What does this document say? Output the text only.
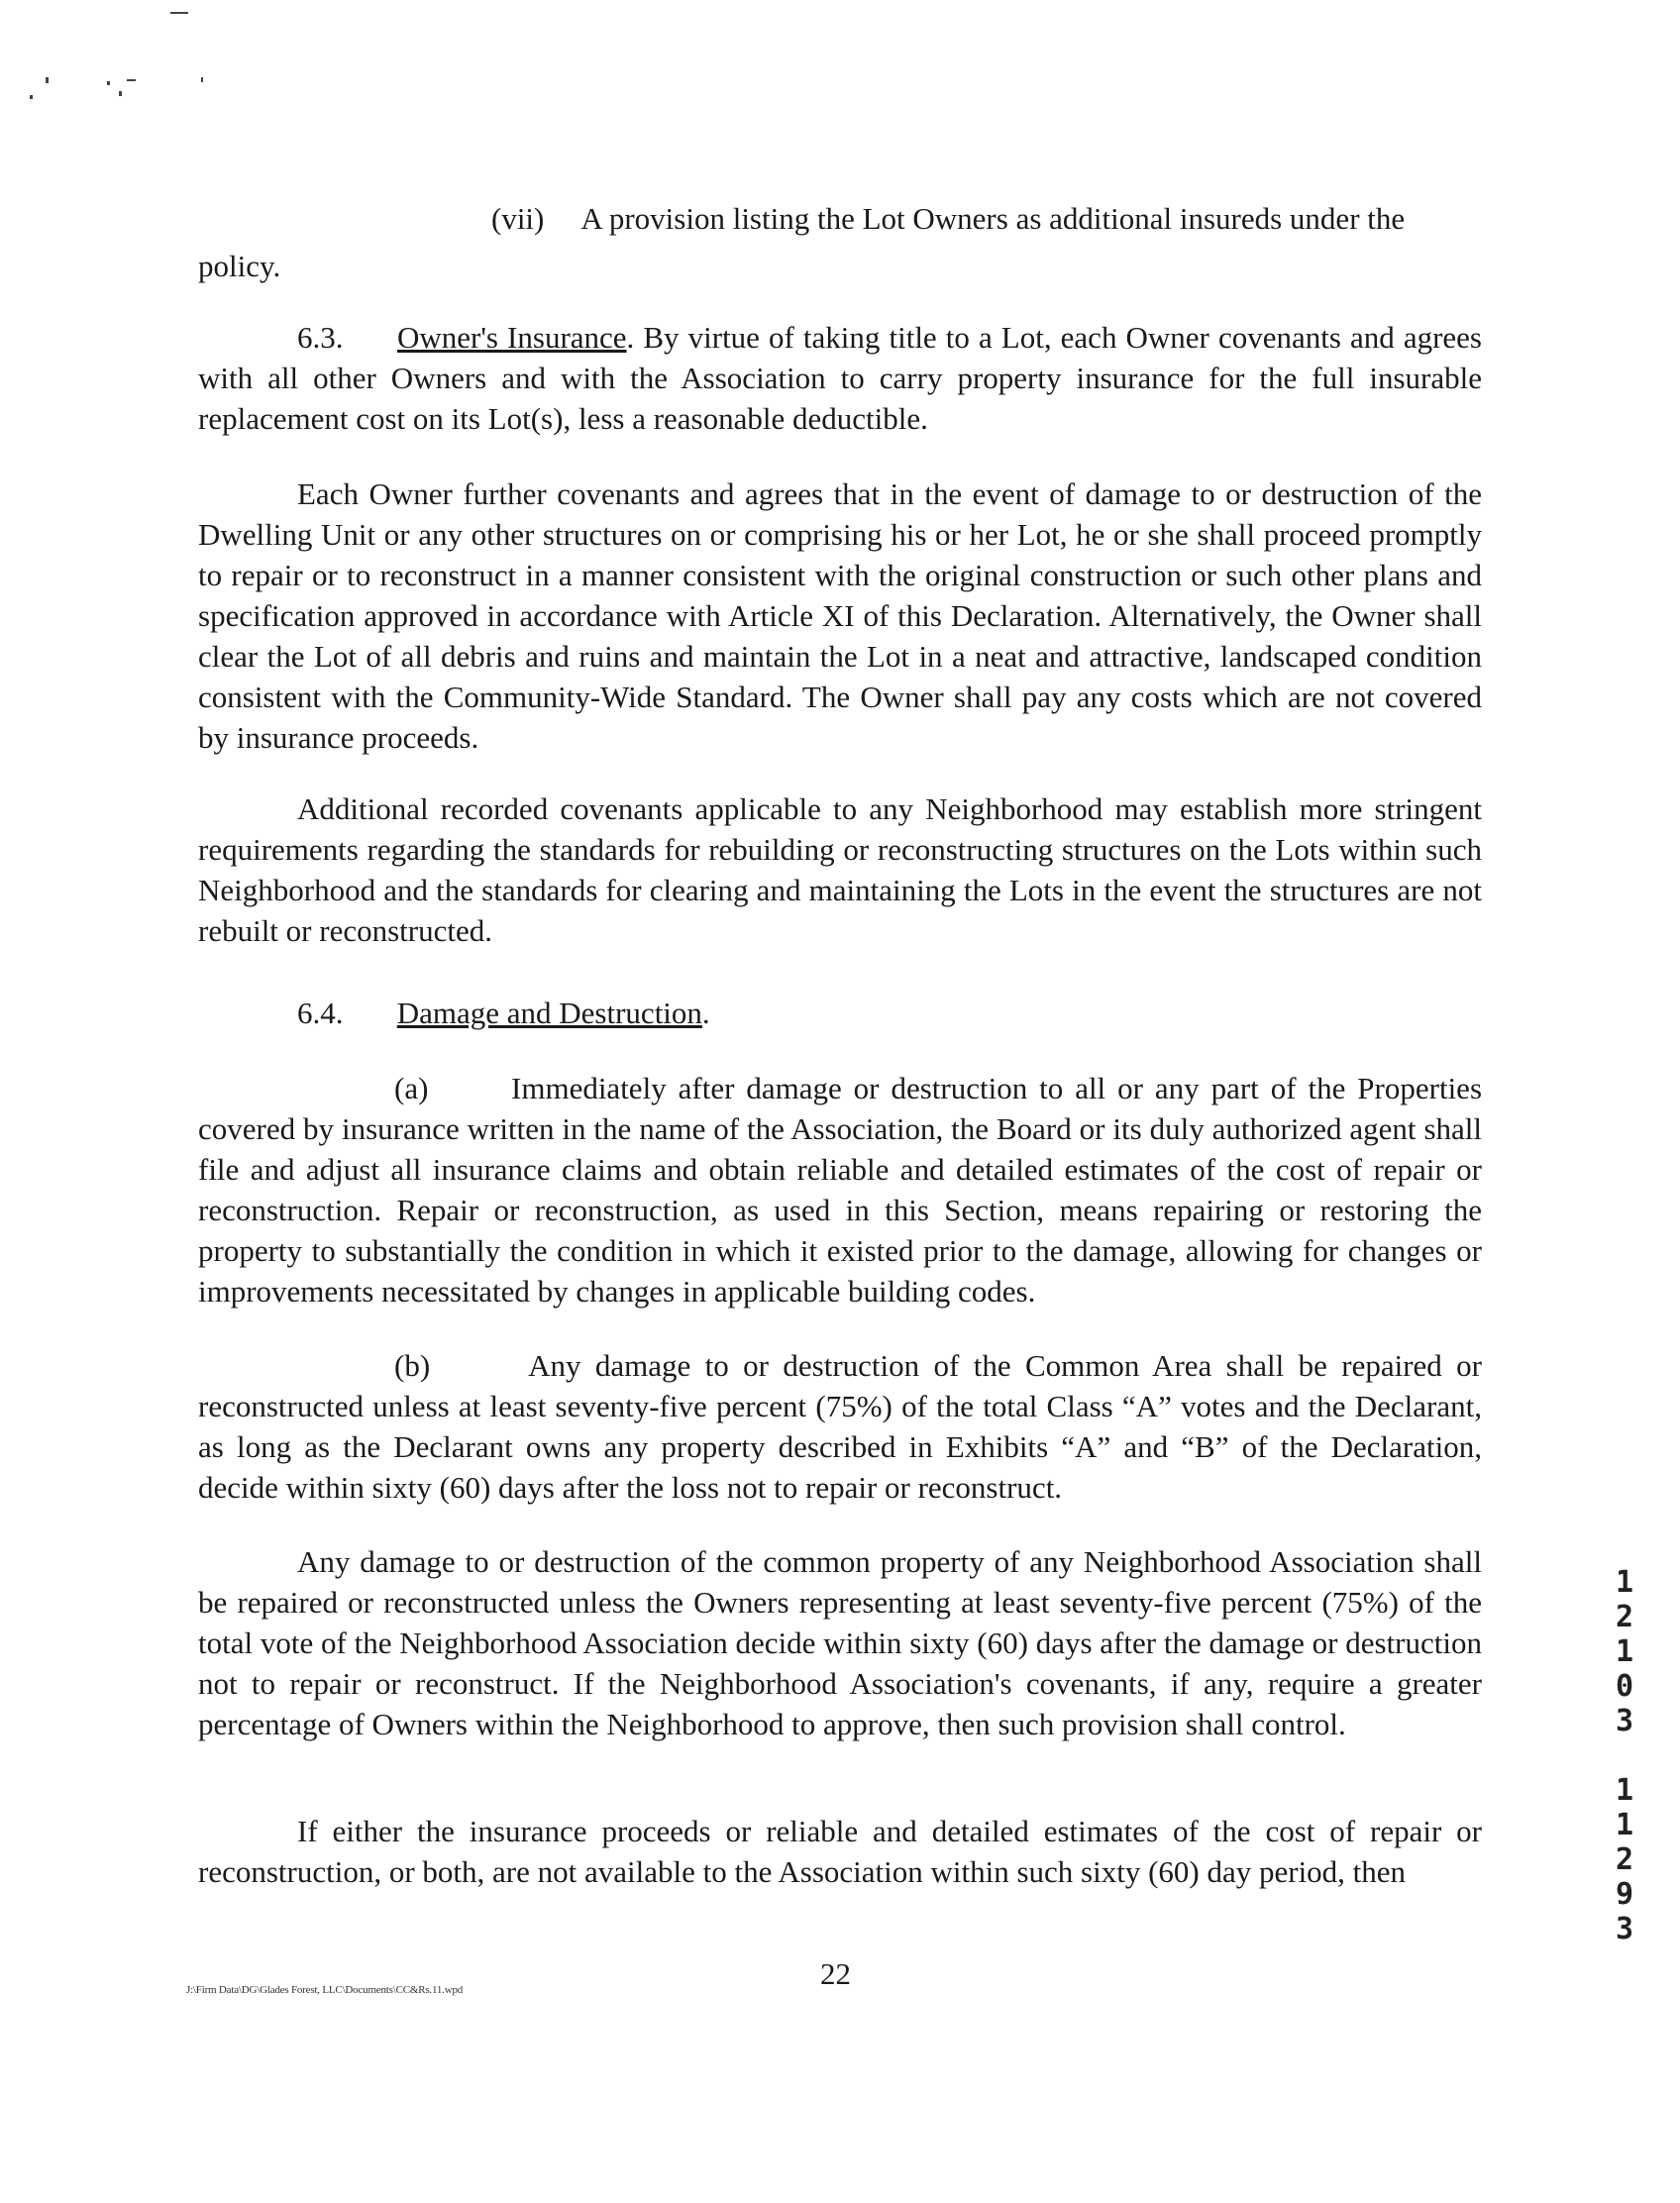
(vii) A provision listing the Lot Owners as additional insureds under the

policy.

6.3. Owner's Insurance. By virtue of taking title to a Lot, each Owner covenants and agrees with all other Owners and with the Association to carry property insurance for the full insurable replacement cost on its Lot(s), less a reasonable deductible.

Each Owner further covenants and agrees that in the event of damage to or destruction of the Dwelling Unit or any other structures on or comprising his or her Lot, he or she shall proceed promptly to repair or to reconstruct in a manner consistent with the original construction or such other plans and specification approved in accordance with Article XI of this Declaration. Alternatively, the Owner shall clear the Lot of all debris and ruins and maintain the Lot in a neat and attractive, landscaped condition consistent with the Community-Wide Standard. The Owner shall pay any costs which are not covered by insurance proceeds.

Additional recorded covenants applicable to any Neighborhood may establish more stringent requirements regarding the standards for rebuilding or reconstructing structures on the Lots within such Neighborhood and the standards for clearing and maintaining the Lots in the event the structures are not rebuilt or reconstructed.

6.4. Damage and Destruction.

(a)	Immediately after damage or destruction to all or any part of the Properties covered by insurance written in the name of the Association, the Board or its duly authorized agent shall file and adjust all insurance claims and obtain reliable and detailed estimates of the cost of repair or reconstruction. Repair or reconstruction, as used in this Section, means repairing or restoring the property to substantially the condition in which it existed prior to the damage, allowing for changes or improvements necessitated by changes in applicable building codes.

(b)	Any damage to or destruction of the Common Area shall be repaired or reconstructed unless at least seventy-five percent (75%) of the total Class “A” votes and the Declarant, as long as the Declarant owns any property described in Exhibits “A” and “B” of the Declaration, decide within sixty (60) days after the loss not to repair or reconstruct.

Any damage to or destruction of the common property of any Neighborhood Association shall be repaired or reconstructed unless the Owners representing at least seventy-five percent (75%) of the total vote of the Neighborhood Association decide within sixty (60) days after the damage or destruction not to repair or reconstruct. If the Neighborhood Association's covenants, if any, require a greater percentage of Owners within the Neighborhood to approve, then such provision shall control.

If either the insurance proceeds or reliable and detailed estimates of the cost of repair or reconstruction, or both, are not available to the Association within such sixty (60) day period, then

22
J:\Firm Data\DG\Glades Forest, LLC\Documents\CC&Rs.11.wpd
1
2
1
0
3
1
1
2
9
3
